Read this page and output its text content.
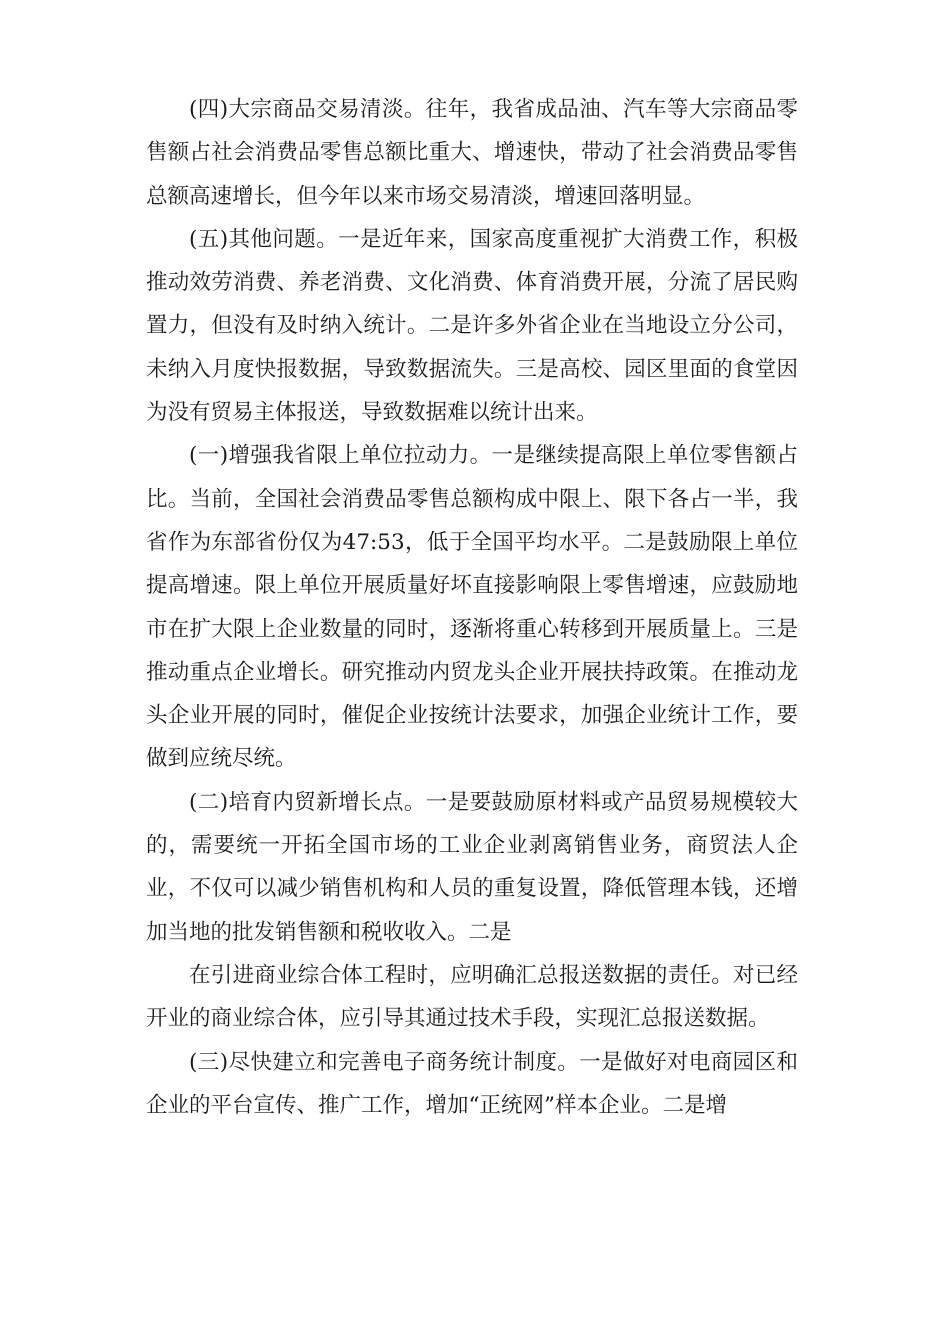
(四)大宗商品交易清淡。往年，我省成品油、汽车等大宗商品零售额占社会消费品零售总额比重大、增速快，带动了社会消费品零售总额高速增长，但今年以来市场交易清淡，增速回落明显。

(五)其他问题。一是近年来，国家高度重视扩大消费工作，积极推动效劳消费、养老消费、文化消费、体育消费开展，分流了居民购置力，但没有及时纳入统计。二是许多外省企业在当地设立分公司，未纳入月度快报数据，导致数据流失。三是高校、园区里面的食堂因为没有贸易主体报送，导致数据难以统计出来。

(一)增强我省限上单位拉动力。一是继续提高限上单位零售额占比。当前，全国社会消费品零售总额构成中限上、限下各占一半，我省作为东部省份仅为47:53，低于全国平均水平。二是鼓励限上单位提高增速。限上单位开展质量好坏直接影响限上零售增速，应鼓励地市在扩大限上企业数量的同时，逐渐将重心转移到开展质量上。三是推动重点企业增长。研究推动内贸龙头企业开展扶持政策。在推动龙头企业开展的同时，催促企业按统计法要求，加强企业统计工作，要做到应统尽统。

(二)培育内贸新增长点。一是要鼓励原材料或产品贸易规模较大的，需要统一开拓全国市场的工业企业剥离销售业务，商贸法人企业，不仅可以减少销售机构和人员的重复设置，降低管理本钱，还增加当地的批发销售额和税收收入。二是

在引进商业综合体工程时，应明确汇总报送数据的责任。对已经开业的商业综合体，应引导其通过技术手段，实现汇总报送数据。

(三)尽快建立和完善电子商务统计制度。一是做好对电商园区和企业的平台宣传、推广工作，增加“正统网”样本企业。二是增
